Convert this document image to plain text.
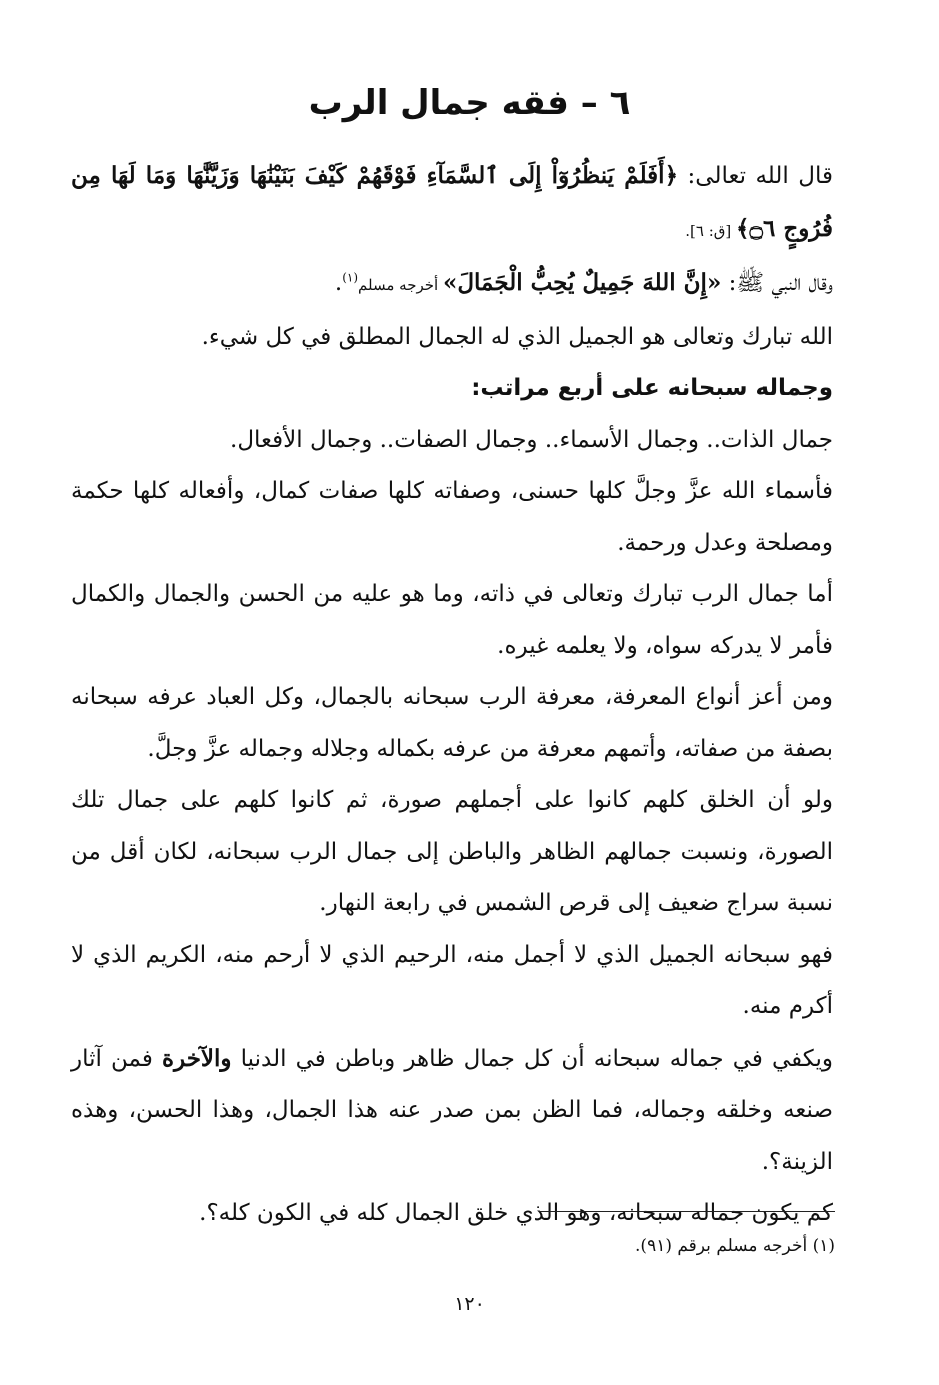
٦ – فقه جمال الرب

قال الله تعالى: ﴿أَفَلَمْ يَنظُرُوٓاْ إِلَى ٱلسَّمَآءِ فَوْقَهُمْ كَيْفَ بَنَيْنَٰهَا وَزَيَّنَّٰهَا وَمَا لَهَا مِن فُرُوجٍ ۝٦﴾ [ق: ٦].

وقال النبي ﷺ: «إِنَّ اللهَ جَمِيلٌ يُحِبُّ الْجَمَالَ» أخرجه مسلم$^{(١)}$.

الله تبارك وتعالى هو الجميل الذي له الجمال المطلق في كل شيء.

وجماله سبحانه على أربع مراتب:

جمال الذات.. وجمال الأسماء.. وجمال الصفات.. وجمال الأفعال.

فأسماء الله عزَّ وجلَّ كلها حسنى، وصفاته كلها صفات كمال، وأفعاله كلها حكمة ومصلحة وعدل ورحمة.

أما جمال الرب تبارك وتعالى في ذاته، وما هو عليه من الحسن والجمال والكمال فأمر لا يدركه سواه، ولا يعلمه غيره.

ومن أعز أنواع المعرفة، معرفة الرب سبحانه بالجمال، وكل العباد عرفه سبحانه بصفة من صفاته، وأتمهم معرفة من عرفه بكماله وجلاله وجماله عزَّ وجلَّ.

ولو أن الخلق كلهم كانوا على أجملهم صورة، ثم كانوا كلهم على جمال تلك الصورة، ونسبت جمالهم الظاهر والباطن إلى جمال الرب سبحانه، لكان أقل من نسبة سراج ضعيف إلى قرص الشمس في رابعة النهار.

فهو سبحانه الجميل الذي لا أجمل منه، الرحيم الذي لا أرحم منه، الكريم الذي لا أكرم منه.

ويكفي في جماله سبحانه أن كل جمال ظاهر وباطن في الدنيا والآخرة فمن آثار صنعه وخلقه وجماله، فما الظن بمن صدر عنه هذا الجمال، وهذا الحسن، وهذه الزينة؟.

كم يكون جماله سبحانه، وهو الذي خلق الجمال كله في الكون كله؟.

(١) أخرجه مسلم برقم (٩١).

١٢٠
